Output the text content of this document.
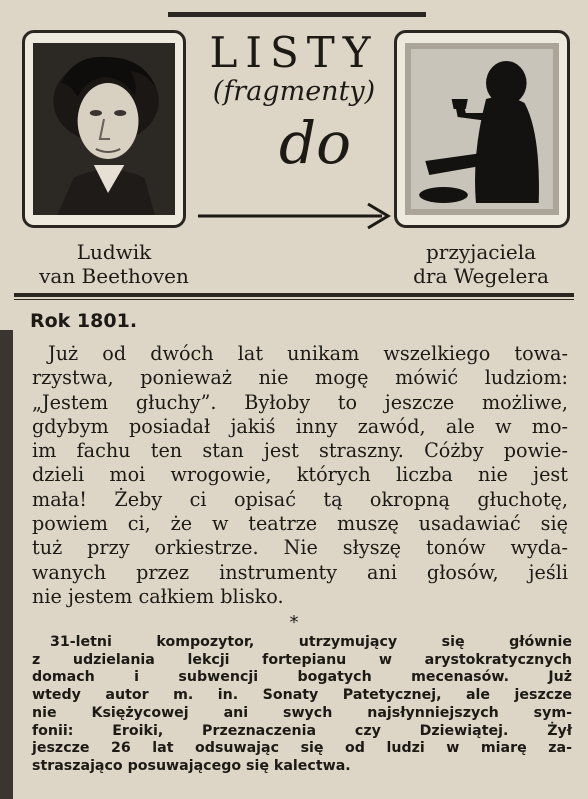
LISTY
(fragmenty)
do
Ludwik
van Beethoven
przyjaciela
dra Wegelera
Rok 1801.
Już od dwóch lat unikam wszelkiego towa-
rzystwa, ponieważ nie mogę mówić ludziom:
„Jestem głuchy”. Byłoby to jeszcze możliwe,
gdybym posiadał jakiś inny zawód, ale w mo-
im fachu ten stan jest straszny. Cóżby powie-
dzieli moi wrogowie, których liczba nie jest
mała! Żeby ci opisać tą okropną głuchotę,
powiem ci, że w teatrze muszę usadawiać się
tuż przy orkiestrze. Nie słyszę tonów wyda-
wanych przez instrumenty ani głosów, jeśli
nie jestem całkiem blisko.
*
31-letni kompozytor, utrzymujący się głównie
z udzielania lekcji fortepianu w arystokratycznych
domach i subwencji bogatych mecenasów. Już
wtedy autor m. in. Sonaty Patetycznej, ale jeszcze
nie Księżycowej ani swych najsłynniejszych sym-
fonii: Eroiki, Przeznaczenia czy Dziewiątej. Żył
jeszcze 26 lat odsuwając się od ludzi w miarę za-
straszająco posuwającego się kalectwa.
